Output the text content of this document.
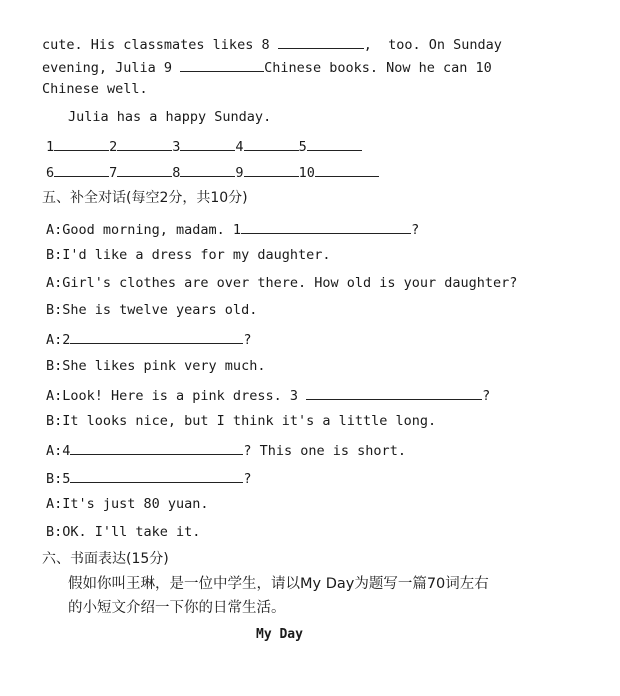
cute. His classmates likes 8	,  too. On Sunday
evening, Julia 9	Chinese books. Now he can 10
Chinese well.
Julia has a happy Sunday.
1	2	3	4	5
6	7	8	9	10
五、补全对话(每空2分，共10分)
A:Good morning, madam. 1	?
B:I'd like a dress for my daughter.
A:Girl's clothes are over there. How old is your daughter?
B:She is twelve years old.
A:2	?
B:She likes pink very much.
A:Look! Here is a pink dress. 3	?
B:It looks nice, but I think it's a little long.
A:4	? This one is short.
B:5	?
A:It's just 80 yuan.
B:OK. I'll take it.
六、书面表达(15分)
假如你叫王琳，是一位中学生，请以My Day为题写一篇70词左右
的小短文介绍一下你的日常生活。
My Day
